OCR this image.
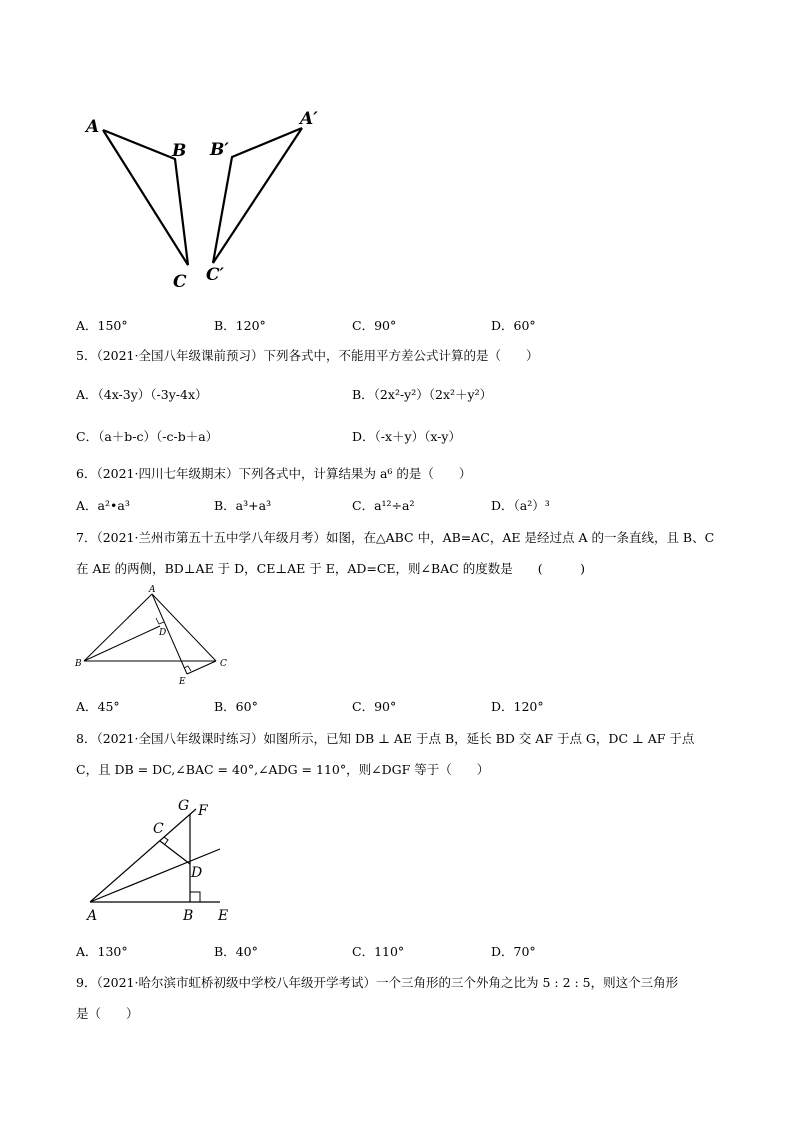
A
B
C
A′
B′
C′
A．150°	B．120°	C．90°	D．60°
5．（2021·全国八年级课前预习）下列各式中，不能用平方差公式计算的是（　　）
A．（4x-3y）（-3y-4x）	B．（2x²-y²）（2x²＋y²）
C．（a＋b-c）（-c-b＋a）	D．（-x＋y）（x-y）
6．（2021·四川七年级期末）下列各式中，计算结果为 a⁶ 的是（　　）
A．a²•a³	B．a³+a³	C．a¹²÷a²	D．（a²）³
7．（2021·兰州市第五十五中学八年级月考）如图，在△ABC 中，AB=AC，AE 是经过点 A 的一条直线，且 B、C
在 AE 的两侧，BD⊥AE 于 D，CE⊥AE 于 E，AD=CE，则∠BAC 的度数是　　(　　　)
A
B	C
D
E
A．45°	B．60°	C．90°	D．120°
8．（2021·全国八年级课时练习）如图所示，已知 DB ⊥ AE 于点 B，延长 BD 交 AF 于点 G，DC ⊥ AF 于点
C，且 DB = DC,∠BAC = 40°,∠ADG = 110°，则∠DGF 等于（　　）
A	B
C
D
E
F
G
A．130°	B．40°	C．110°	D．70°
9．（2021·哈尔滨市虹桥初级中学校八年级开学考试）一个三角形的三个外角之比为 5 : 2 : 5，则这个三角形
是（　　）
